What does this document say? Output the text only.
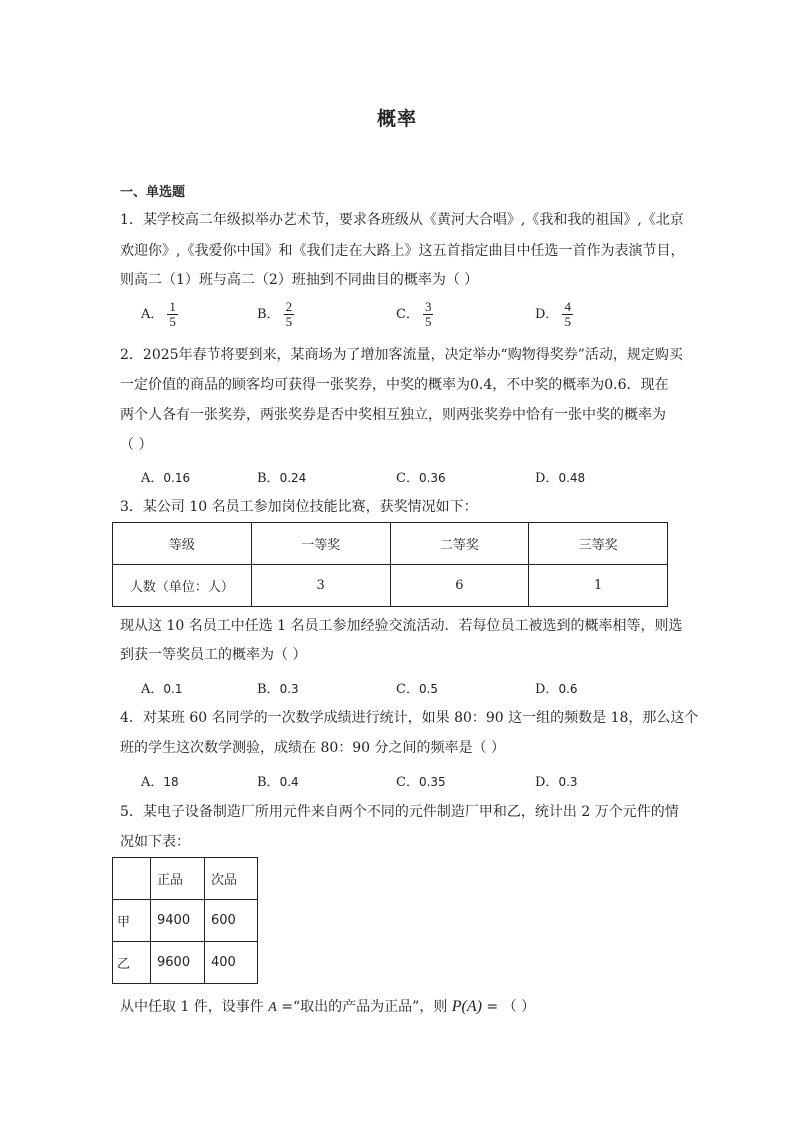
概率
一、单选题
1．某学校高二年级拟举办艺术节，要求各班级从《黄河大合唱》,《我和我的祖国》,《北京
欢迎你》,《我爱你中国》和《我们走在大路上》这五首指定曲目中任选一首作为表演节目，
则高二（1）班与高二（2）班抽到不同曲目的概率为（ ）
A． $\frac{1}{5}$	B． $\frac{2}{5}$	C． $\frac{3}{5}$	D． $\frac{4}{5}$
2．2025年春节将要到来，某商场为了增加客流量，决定举办“购物得奖券”活动，规定购买
一定价值的商品的顾客均可获得一张奖券，中奖的概率为0.4，不中奖的概率为0.6．现在
两个人各有一张奖券，两张奖券是否中奖相互独立，则两张奖券中恰有一张中奖的概率为
（ ）
A．0.16	B．0.24	C．0.36	D．0.48
3．某公司 10 名员工参加岗位技能比赛，获奖情况如下：
等级	一等奖	二等奖	三等奖
人数（单位：人）	3	6	1
现从这 10 名员工中任选 1 名员工参加经验交流活动．若每位员工被选到的概率相等，则选
到获一等奖员工的概率为（ ）
A．0.1	B．0.3	C．0.5	D．0.6
4．对某班 60 名同学的一次数学成绩进行统计，如果 80：90 这一组的频数是 18，那么这个
班的学生这次数学测验，成绩在 80：90 分之间的频率是（ ）
A．18	B．0.4	C．0.35	D．0.3
5．某电子设备制造厂所用元件来自两个不同的元件制造厂甲和乙，统计出 2 万个元件的情
况如下表：
	正品	次品
甲	9400	600
乙	9600	400
从中任取 1 件，设事件 A =“取出的产品为正品”，则 P(A) = （ ）
